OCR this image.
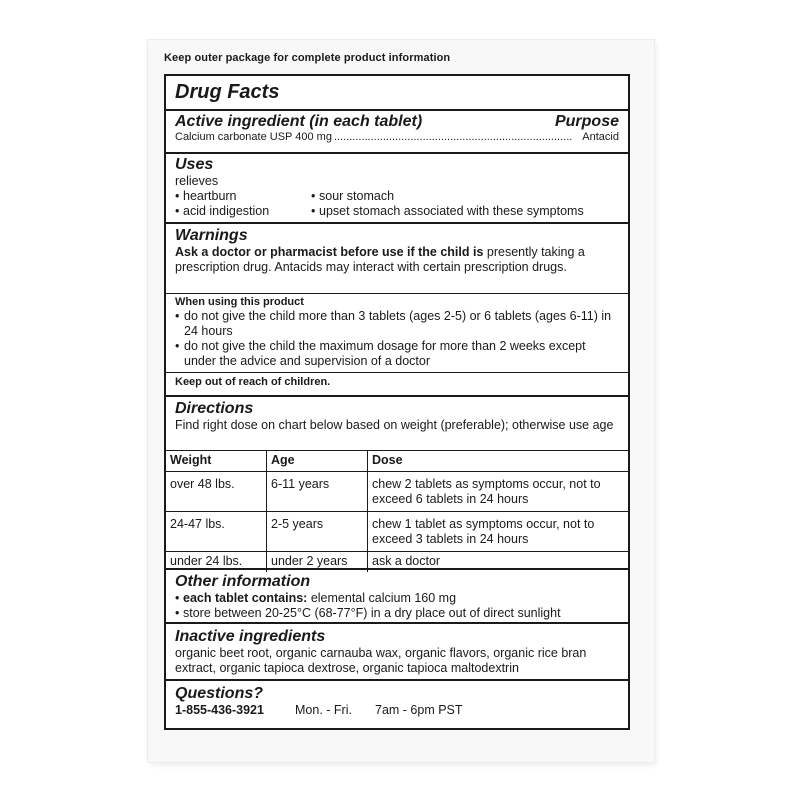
Keep outer package for complete product information
Drug Facts
Active ingredient (in each tablet)	Purpose
Calcium carbonate USP 400 mg .............................................................................. Antacid
Uses
relieves
• heartburn
• acid indigestion
• sour stomach
• upset stomach associated with these symptoms
Warnings
Ask a doctor or pharmacist before use if the child is presently taking a prescription drug. Antacids may interact with certain prescription drugs.
When using this product
• do not give the child more than 3 tablets (ages 2-5) or 6 tablets (ages 6-11) in 24 hours
• do not give the child the maximum dosage for more than 2 weeks except under the advice and supervision of a doctor
Keep out of reach of children.
Directions
Find right dose on chart below based on weight (preferable); otherwise use age
Weight	Age	Dose
over 48 lbs.	6-11 years	chew 2 tablets as symptoms occur, not to exceed 6 tablets in 24 hours
24-47 lbs.	2-5 years	chew 1 tablet as symptoms occur, not to exceed 3 tablets in 24 hours
under 24 lbs.	under 2 years	ask a doctor
Other information
• each tablet contains: elemental calcium 160 mg
• store between 20-25°C (68-77°F) in a dry place out of direct sunlight
Inactive ingredients
organic beet root, organic carnauba wax, organic flavors, organic rice bran extract, organic tapioca dextrose, organic tapioca maltodextrin
Questions?
1-855-436-3921	Mon. - Fri.	7am - 6pm PST
